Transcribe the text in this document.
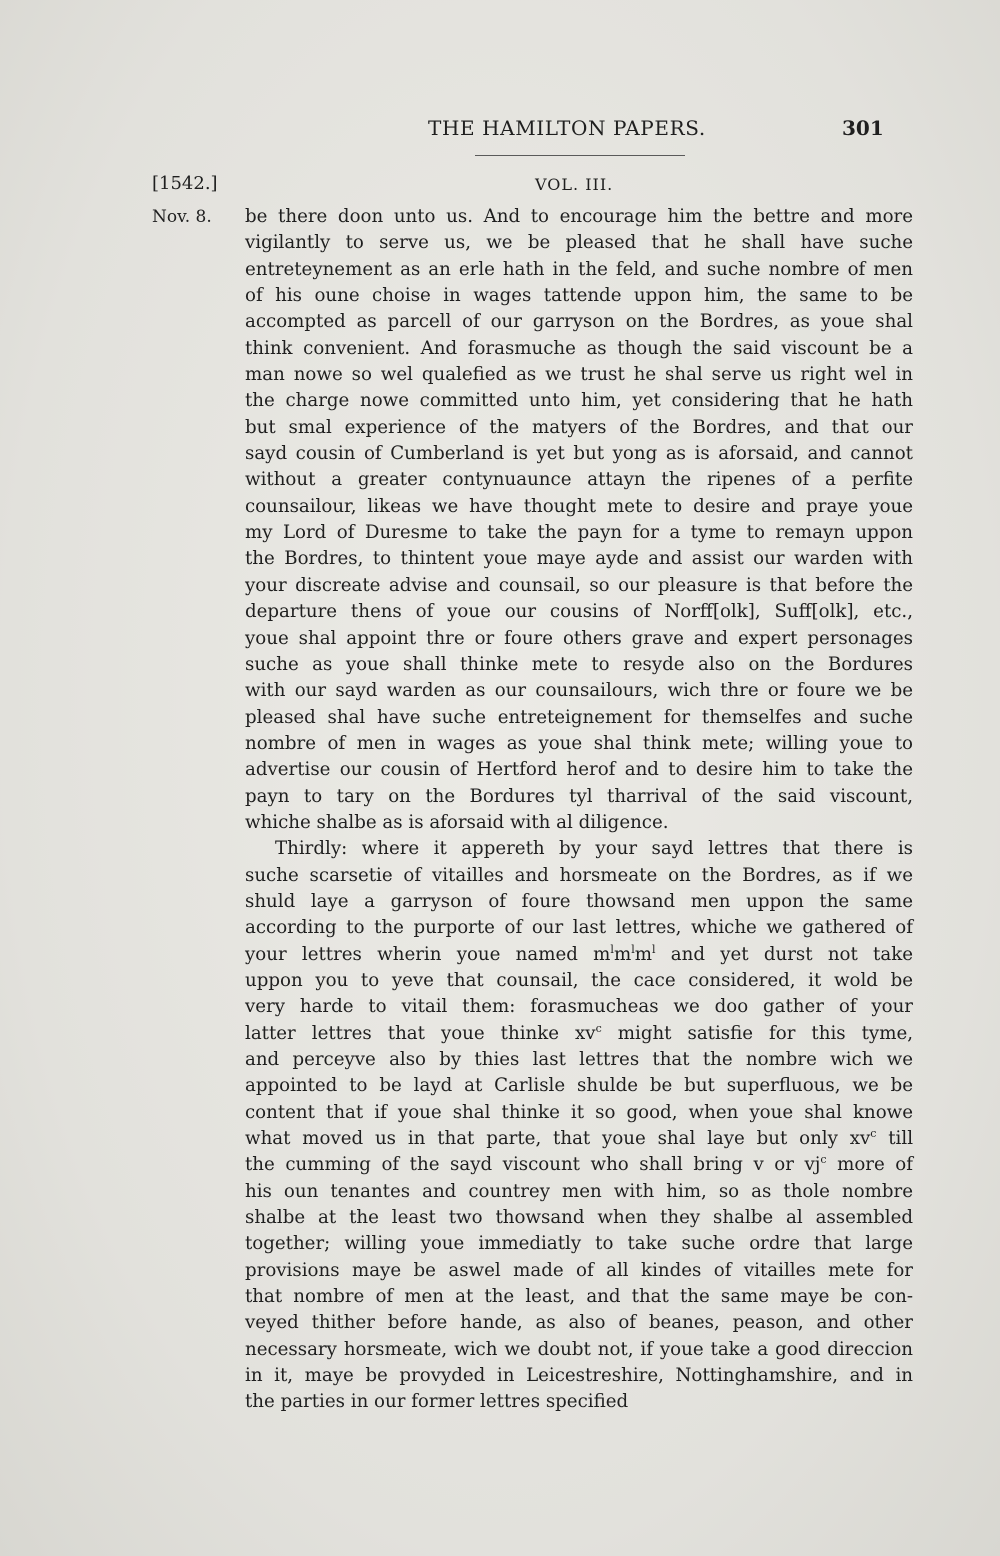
THE HAMILTON PAPERS.	301
[1542.]	VOL. III.
Nov. 8. be there doon unto us. And to encourage him the bettre and more
vigilantly to serve us, we be pleased that he shall have suche
entreteynement as an erle hath in the feld, and suche nombre of men
of his oune choise in wages tattende uppon him, the same to be
accompted as parcell of our garryson on the Bordres, as youe shal
think convenient. And forasmuche as though the said viscount be a
man nowe so wel qualefied as we trust he shal serve us right wel in
the charge nowe committed unto him, yet considering that he hath
but smal experience of the matyers of the Bordres, and that our
sayd cousin of Cumberland is yet but yong as is aforsaid, and cannot
without a greater contynuaunce attayn the ripenes of a perfite
counsailour, likeas we have thought mete to desire and praye youe
my Lord of Duresme to take the payn for a tyme to remayn uppon
the Bordres, to thintent youe maye ayde and assist our warden with
your discreate advise and counsail, so our pleasure is that before the
departure thens of youe our cousins of Norff[olk], Suff[olk], etc.,
youe shal appoint thre or foure others grave and expert personages
suche as youe shall thinke mete to resyde also on the Bordures
with our sayd warden as our counsailours, wich thre or foure we be
pleased shal have suche entreteignement for themselfes and suche
nombre of men in wages as youe shal think mete; willing youe to
advertise our cousin of Hertford herof and to desire him to take the
payn to tary on the Bordures tyl tharrival of the said viscount,
whiche shalbe as is aforsaid with al diligence.
Thirdly: where it appereth by your sayd lettres that there is
suche scarsetie of vitailles and horsmeate on the Bordres, as if we
shuld laye a garryson of foure thowsand men uppon the same
according to the purporte of our last lettres, whiche we gathered of
your lettres wherin youe named $m^lm^lm^l$ and yet durst not take
uppon you to yeve that counsail, the cace considered, it wold be
very harde to vitail them: forasmucheas we doo gather of your
latter lettres that youe thinke $xv^c$ might satisfie for this tyme,
and perceyve also by thies last lettres that the nombre wich we
appointed to be layd at Carlisle shulde be but superfluous, we be
content that if youe shal thinke it so good, when youe shal knowe
what moved us in that parte, that youe shal laye but only $xv^c$ till
the cumming of the sayd viscount who shall bring v or $vj^c$ more of
his oun tenantes and countrey men with him, so as thole nombre
shalbe at the least two thowsand when they shalbe al assembled
together; willing youe immediatly to take suche ordre that large
provisions maye be aswel made of all kindes of vitailles mete for
that nombre of men at the least, and that the same maye be con-
veyed thither before hande, as also of beanes, peason, and other
necessary horsmeate, wich we doubt not, if youe take a good direccion
in it, maye be provyded in Leicestreshire, Nottinghamshire, and in
the parties in our former lettres specified
